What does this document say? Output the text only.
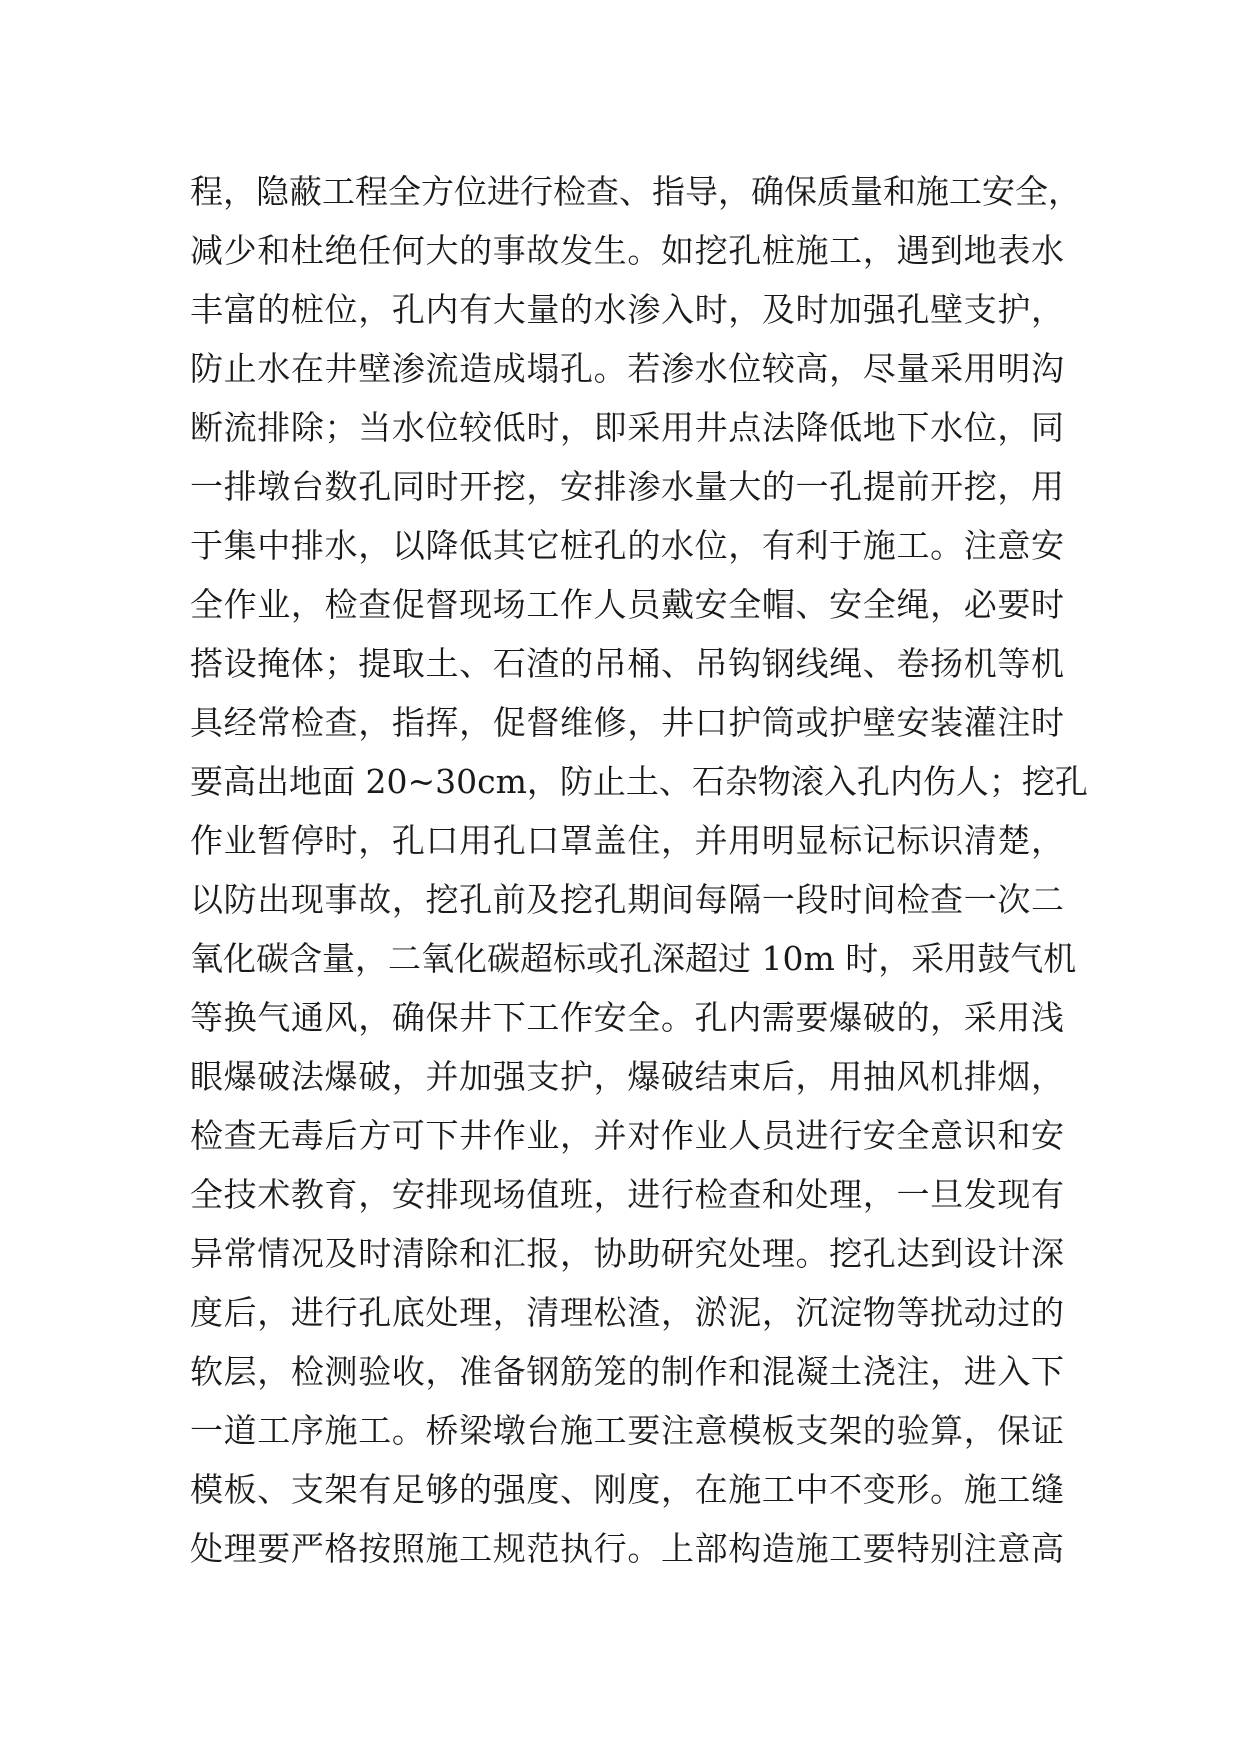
程，隐蔽工程全方位进行检查、指导，确保质量和施工安全，
减少和杜绝任何大的事故发生。如挖孔桩施工，遇到地表水
丰富的桩位，孔内有大量的水渗入时，及时加强孔壁支护，
防止水在井壁渗流造成塌孔。若渗水位较高，尽量采用明沟
断流排除；当水位较低时，即采用井点法降低地下水位，同
一排墩台数孔同时开挖，安排渗水量大的一孔提前开挖，用
于集中排水，以降低其它桩孔的水位，有利于施工。注意安
全作业，检查促督现场工作人员戴安全帽、安全绳，必要时
搭设掩体；提取土、石渣的吊桶、吊钩钢线绳、卷扬机等机
具经常检查，指挥，促督维修，井口护筒或护壁安装灌注时
要高出地面 20~30cm，防止土、石杂物滚入孔内伤人；挖孔
作业暂停时，孔口用孔口罩盖住，并用明显标记标识清楚，
以防出现事故，挖孔前及挖孔期间每隔一段时间检查一次二
氧化碳含量，二氧化碳超标或孔深超过 10m 时，采用鼓气机
等换气通风，确保井下工作安全。孔内需要爆破的，采用浅
眼爆破法爆破，并加强支护，爆破结束后，用抽风机排烟，
检查无毒后方可下井作业，并对作业人员进行安全意识和安
全技术教育，安排现场值班，进行检查和处理，一旦发现有
异常情况及时清除和汇报，协助研究处理。挖孔达到设计深
度后，进行孔底处理，清理松渣，淤泥，沉淀物等扰动过的
软层，检测验收，准备钢筋笼的制作和混凝土浇注，进入下
一道工序施工。桥梁墩台施工要注意模板支架的验算，保证
模板、支架有足够的强度、刚度，在施工中不变形。施工缝
处理要严格按照施工规范执行。上部构造施工要特别注意高
